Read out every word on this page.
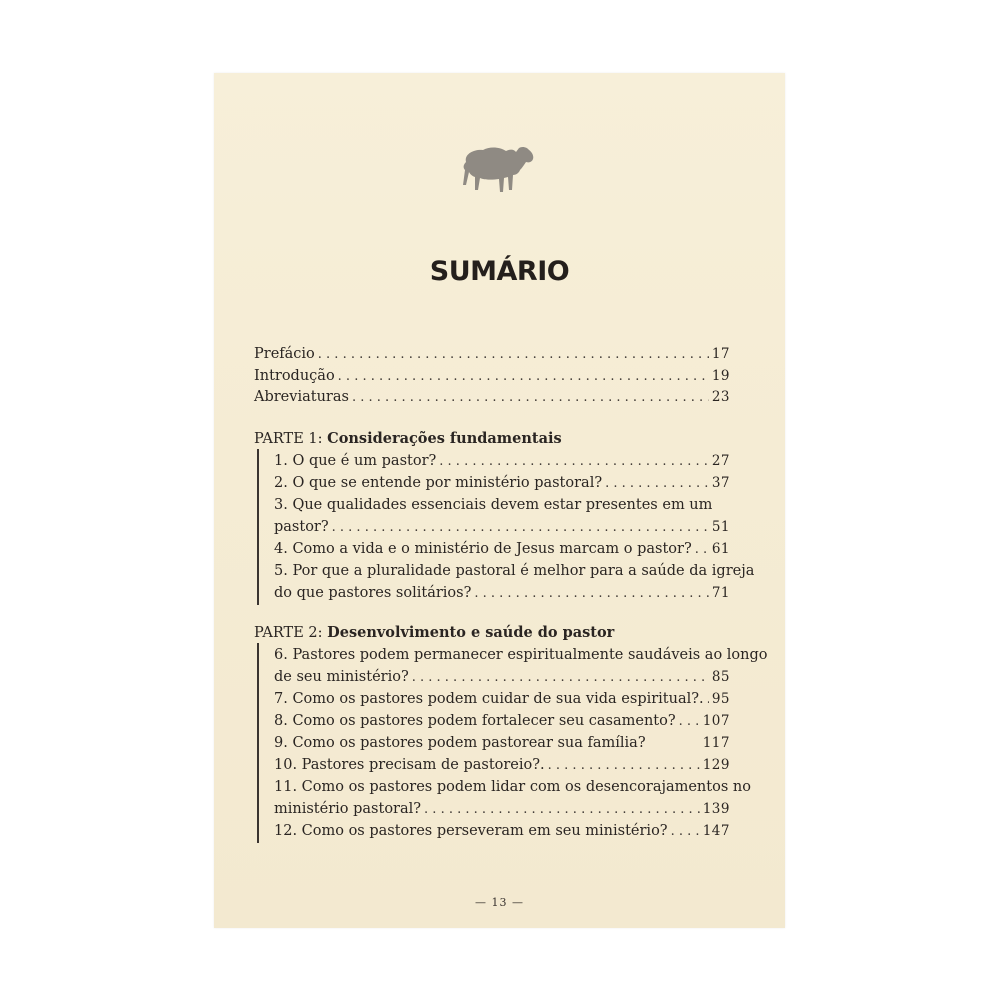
SUMÁRIO
Prefácio . . .	17
Introdução . . .	19
Abreviaturas . . .	23
PARTE 1: Considerações fundamentais
1. O que é um pastor? . . .	27
2. O que se entende por ministério pastoral? . . .	37
3. Que qualidades essenciais devem estar presentes em um
pastor? . . .	51
4. Como a vida e o ministério de Jesus marcam o pastor? . . . 61
5. Por que a pluralidade pastoral é melhor para a saúde da igreja
do que pastores solitários? . . .	71
PARTE 2: Desenvolvimento e saúde do pastor
6. Pastores podem permanecer espiritualmente saudáveis ao longo
de seu ministério? . . .	85
7. Como os pastores podem cuidar de sua vida espiritual?. . . . 95
8. Como os pastores podem fortalecer seu casamento? . . . 107
9. Como os pastores podem pastorear sua família?	117
10. Pastores precisam de pastoreio?. . . .	129
11. Como os pastores podem lidar com os desencorajamentos no
ministério pastoral? . . .	139
12. Como os pastores perseveram em seu ministério? . . .	147
— 13 —
